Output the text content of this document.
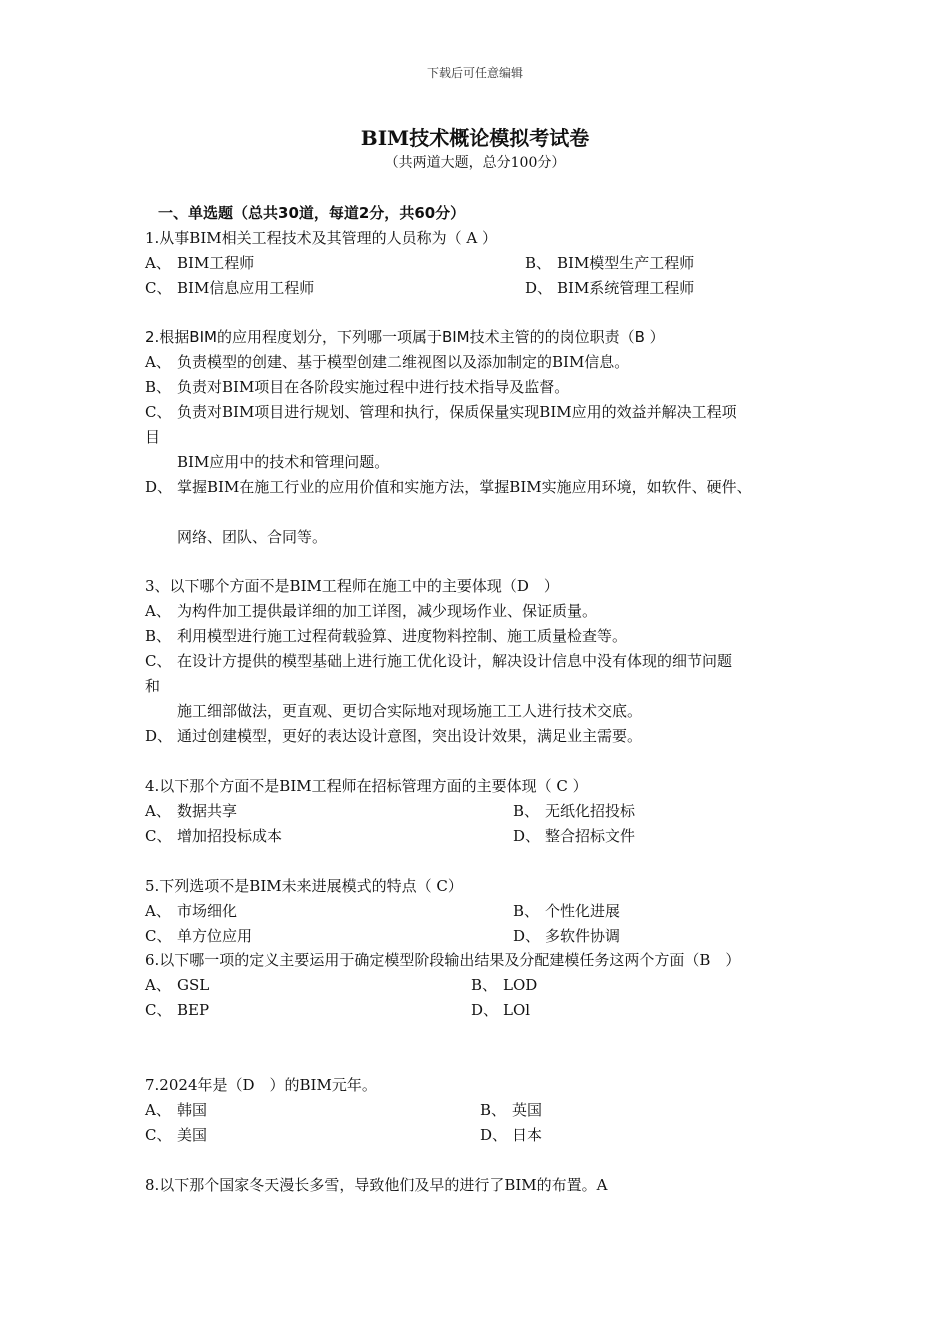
下载后可任意编辑
BIM技术概论模拟考试卷
（共两道大题，总分100分）
一、单选题（总共30道，每道2分，共60分）
1.从事BIM相关工程技术及其管理的人员称为（ A ）
A、 BIM工程师	B、 BIM模型生产工程师
C、 BIM信息应用工程师	D、 BIM系统管理工程师
2.根据BIM的应用程度划分，下列哪一项属于BIM技术主管的的岗位职责（B ）
A、 负责模型的创建、基于模型创建二维视图以及添加制定的BIM信息。
B、 负责对BIM项目在各阶段实施过程中进行技术指导及监督。
C、 负责对BIM项目进行规划、管理和执行，保质保量实现BIM应用的效益并解决工程项
目
BIM应用中的技术和管理问题。
D、 掌握BIM在施工行业的应用价值和实施方法，掌握BIM实施应用环境，如软件、硬件、
网络、团队、合同等。
3、以下哪个方面不是BIM工程师在施工中的主要体现（D　）
A、 为构件加工提供最详细的加工详图，减少现场作业、保证质量。
B、 利用模型进行施工过程荷载验算、进度物料控制、施工质量检查等。
C、 在设计方提供的模型基础上进行施工优化设计，解决设计信息中没有体现的细节问题
和
施工细部做法，更直观、更切合实际地对现场施工工人进行技术交底。
D、 通过创建模型，更好的表达设计意图，突出设计效果，满足业主需要。
4.以下那个方面不是BIM工程师在招标管理方面的主要体现（ C ）
A、 数据共享	B、 无纸化招投标
C、 增加招投标成本	D、 整合招标文件
5.下列选项不是BIM未来进展模式的特点（ C）
A、 市场细化	B、 个性化进展
C、 单方位应用	D、 多软件协调
6.以下哪一项的定义主要运用于确定模型阶段输出结果及分配建模任务这两个方面（B　）
A、 GSL	B、 LOD
C、 BEP	D、 LOl
7.2024年是（D　）的BIM元年。
A、 韩国	B、 英国
C、 美国	D、 日本
8.以下那个国家冬天漫长多雪，导致他们及早的进行了BIM的布置。A
